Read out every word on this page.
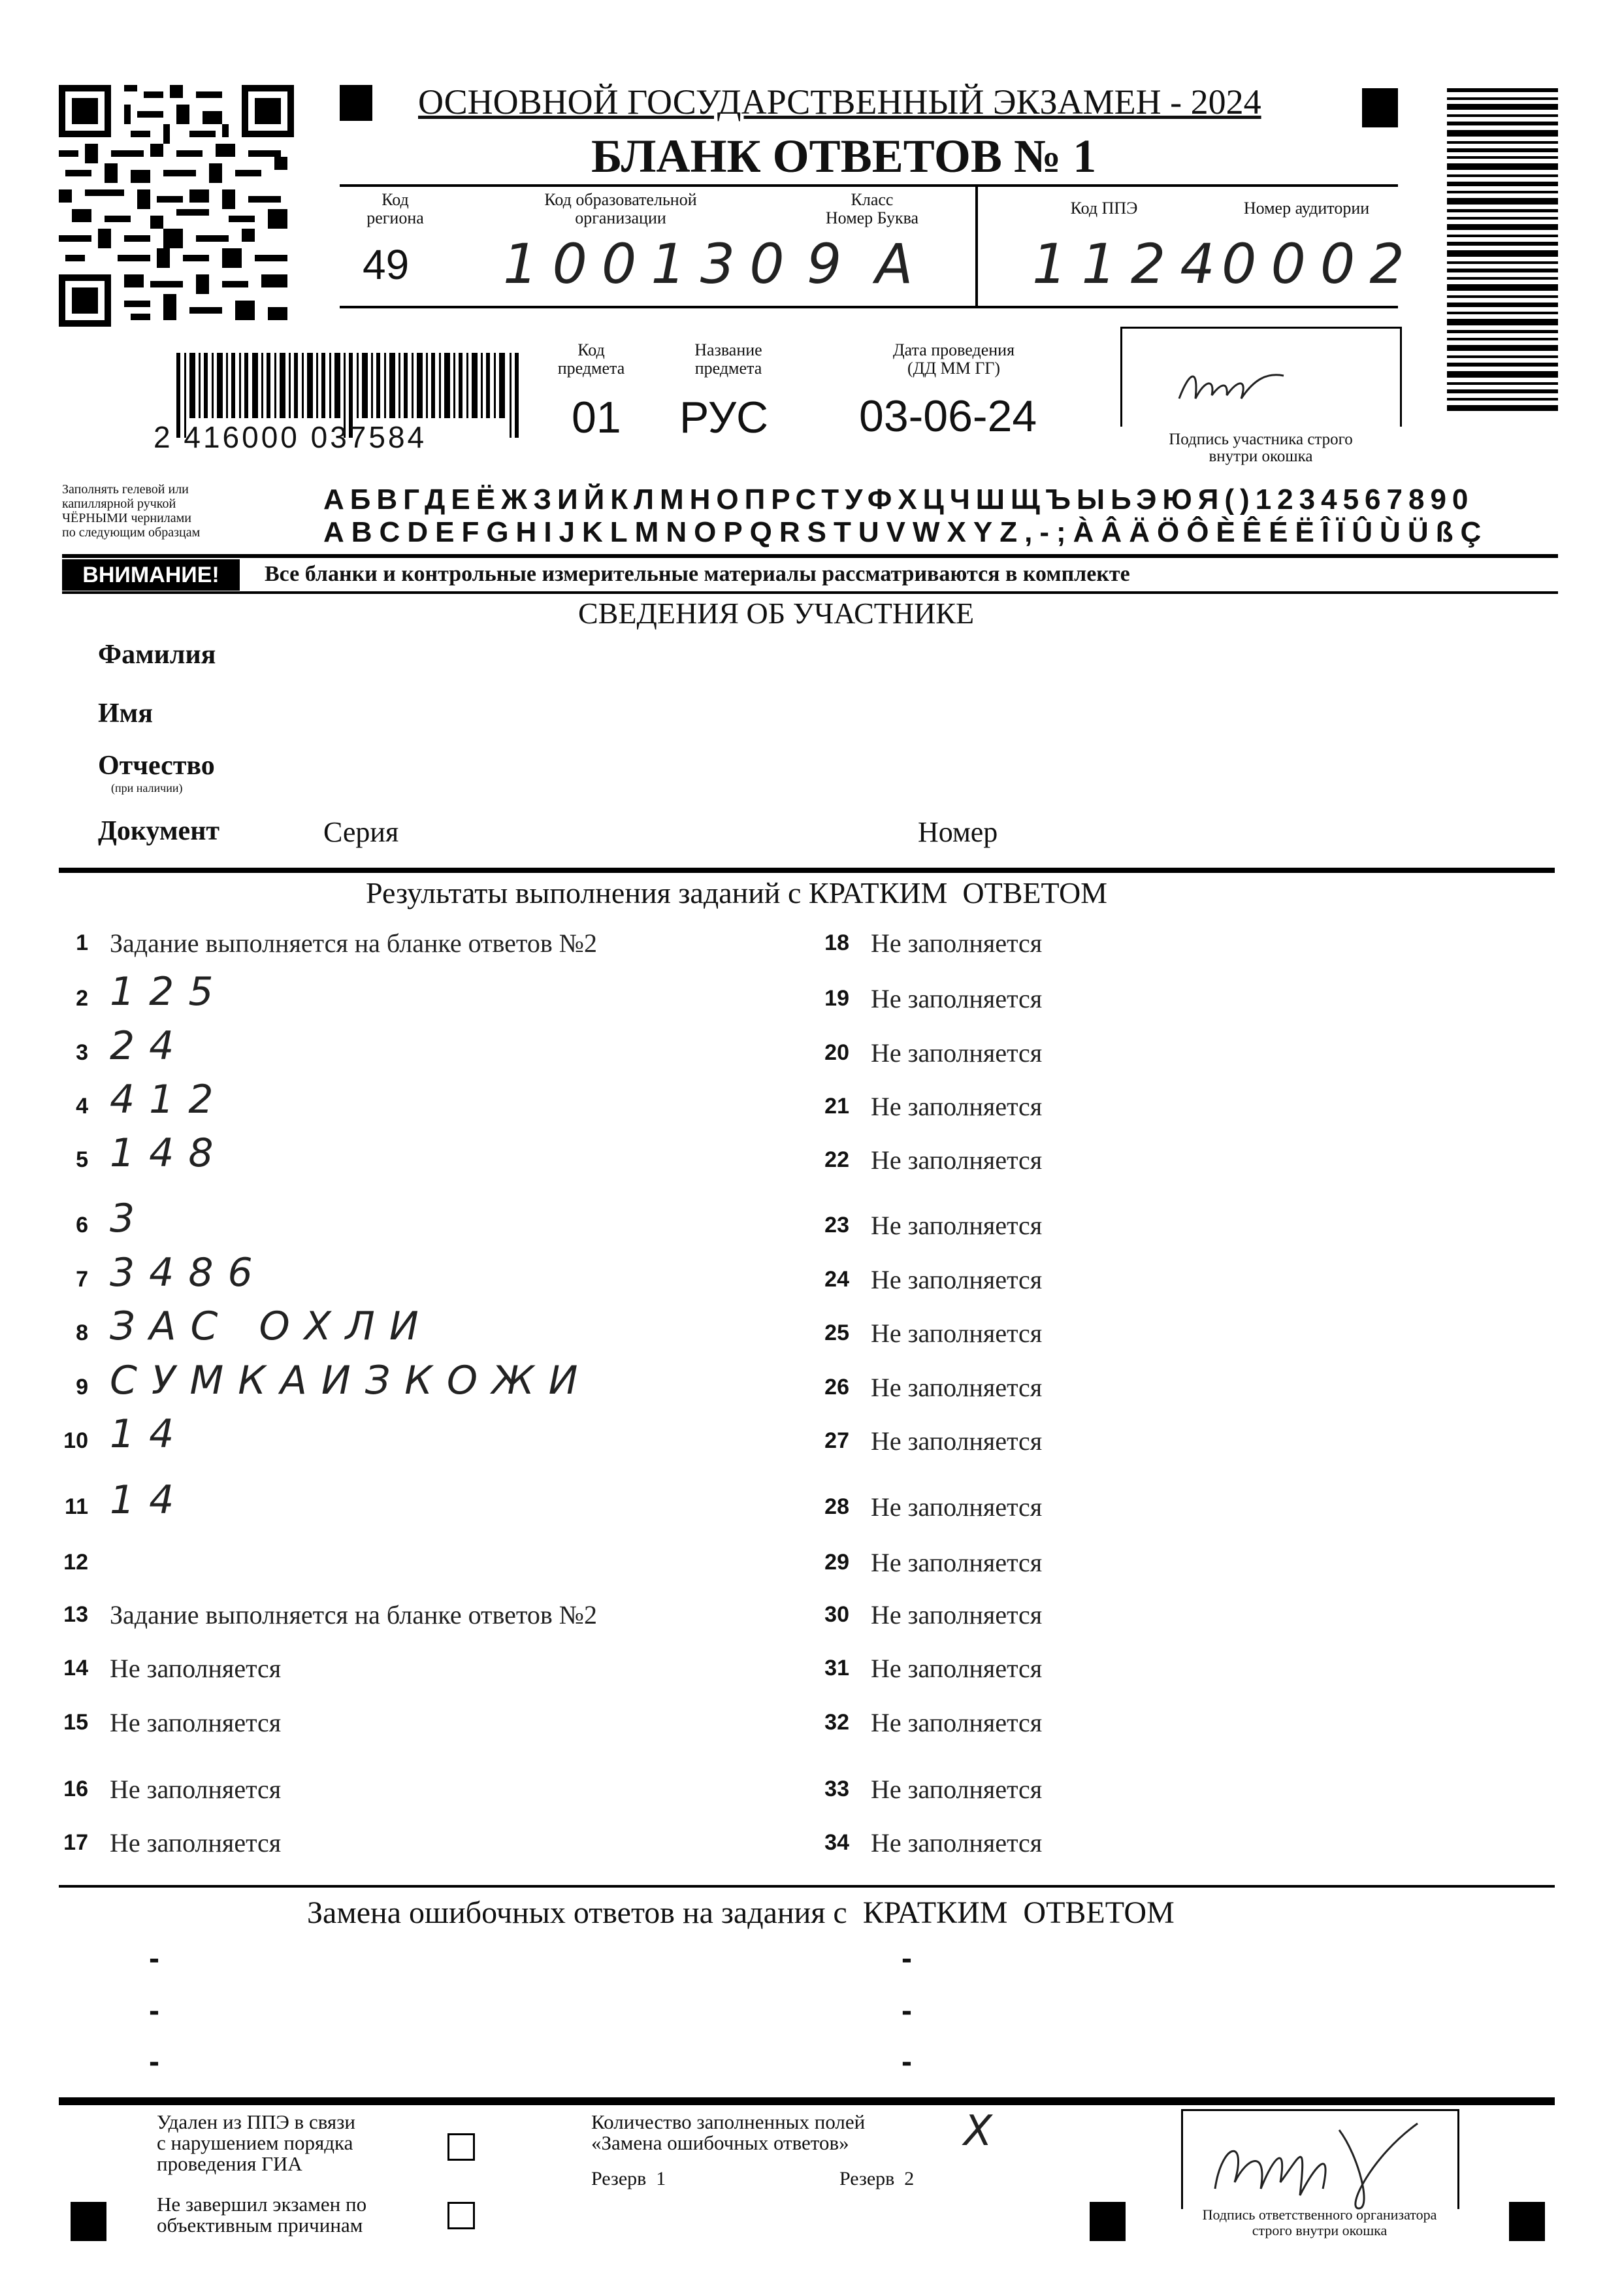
ОСНОВНОЙ ГОСУДАРСТВЕННЫЙ ЭКЗАМЕН - 2024
БЛАНК ОТВЕТОВ № 1
Код
региона
49
Код образовательной
организации
100130
Класс
Номер Буква
9 А
Код ППЭ
1124
Номер аудитории
0002
2 416000 037584
Код
предмета
01
Название
предмета
РУС
Дата проведения
(ДД ММ ГГ)
03-06-24	Подпись участника строго
внутри окошка
Заполнять гелевой или
капиллярной ручкой
ЧЁРНЫМИ чернилами
по следующим образцам
АБВГДЕЁЖЗИЙКЛМНОПРСТУФХЦЧШЩЪЫЬЭЮЯ()1234567890
ABCDEFGHIJKLMNOPQRSTUVWXYZ,-;ÀÂÄÖÔÈÊÉËÎÏÛÙÜßÇ
ВНИМАНИЕ!	Все бланки и контрольные измерительные материалы рассматриваются в комплекте
СВЕДЕНИЯ ОБ УЧАСТНИКЕ
Фамилия
Имя
Отчество
(при наличии)
Документ	Серия	Номер
Результаты выполнения заданий с КРАТКИМ  ОТВЕТОМ
1 Задание выполняется на бланке ответов №2
2 125
3 24
4 412
5 148
6 3
7 3486
8 ЗАС ОХЛИ
9 СУМКАИЗКОЖИ
10 14
11 14
12
13 Задание выполняется на бланке ответов №2
14 Не заполняется
15 Не заполняется
16 Не заполняется
17 Не заполняется
18 Не заполняется
19 Не заполняется
20 Не заполняется
21 Не заполняется
22 Не заполняется
23 Не заполняется
24 Не заполняется
25 Не заполняется
26 Не заполняется
27 Не заполняется
28 Не заполняется
29 Не заполняется
30 Не заполняется
31 Не заполняется
32 Не заполняется
33 Не заполняется
34 Не заполняется
Замена ошибочных ответов на задания с  КРАТКИМ  ОТВЕТОМ
-
-
-
-
-
-
Удален из ППЭ в связи
с нарушением порядка
проведения ГИА
Не завершил экзамен по
объективным причинам
Количество заполненных полей
«Замена ошибочных ответов»	X
Резерв  1	Резерв  2
Подпись ответственного организатора
строго внутри окошка
